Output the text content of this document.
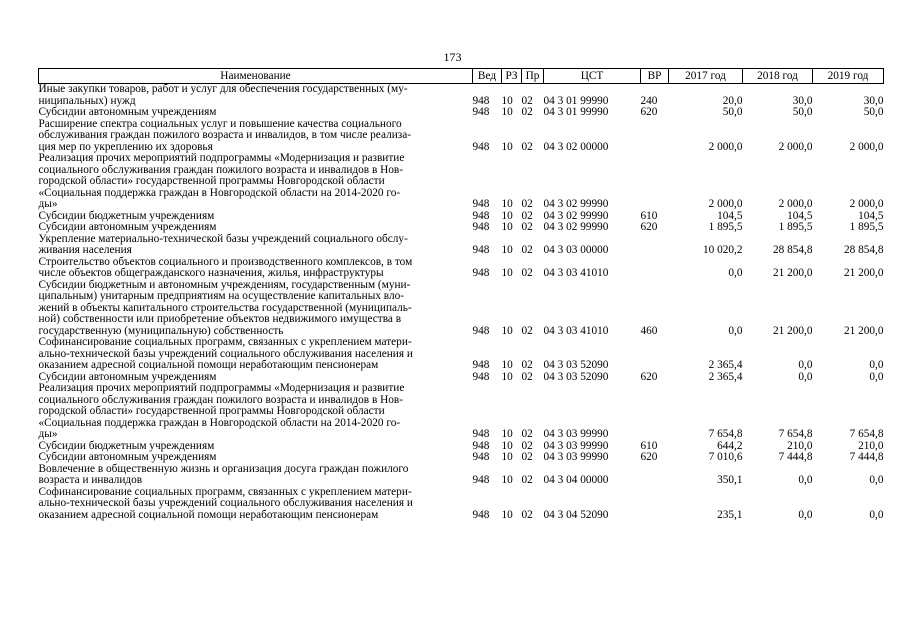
173
Наименование	Вед	РЗ	Пр	ЦСТ	ВР	2017 год	2018 год	2019 год
Иные закупки товаров, работ и услуг для обеспечения государственных (му-
ниципальных) нужд	948	10	02	04 3 01 99990	240	20,0	30,0	30,0
Субсидии автономным учреждениям	948	10	02	04 3 01 99990	620	50,0	50,0	50,0
Расширение спектра социальных услуг и повышение качества социального
обслуживания граждан пожилого возраста и инвалидов, в том числе реализа-
ция мер по укреплению их здоровья	948	10	02	04 3 02 00000		2 000,0	2 000,0	2 000,0
Реализация прочих мероприятий подпрограммы «Модернизация и развитие
социального обслуживания граждан пожилого возраста и инвалидов в Нов-
городской области» государственной программы Новгородской области
«Социальная поддержка граждан в Новгородской области на 2014-2020 го-
ды»	948	10	02	04 3 02 99990		2 000,0	2 000,0	2 000,0
Субсидии бюджетным учреждениям	948	10	02	04 3 02 99990	610	104,5	104,5	104,5
Субсидии автономным учреждениям	948	10	02	04 3 02 99990	620	1 895,5	1 895,5	1 895,5
Укрепление материально-технической базы учреждений социального обслу-
живания населения	948	10	02	04 3 03 00000		10 020,2	28 854,8	28 854,8
Строительство объектов социального и производственного комплексов, в том
числе объектов общегражданского назначения, жилья, инфраструктуры	948	10	02	04 3 03 41010		0,0	21 200,0	21 200,0
Субсидии бюджетным и автономным учреждениям, государственным (муни-
ципальным) унитарным предприятиям на осуществление капитальных вло-
жений в объекты капитального строительства государственной (муниципаль-
ной) собственности или приобретение объектов недвижимого имущества в
государственную (муниципальную) собственность	948	10	02	04 3 03 41010	460	0,0	21 200,0	21 200,0
Софинансирование социальных программ, связанных с укреплением матери-
ально-технической базы учреждений социального обслуживания населения и
оказанием адресной социальной помощи неработающим пенсионерам	948	10	02	04 3 03 52090		2 365,4	0,0	0,0
Субсидии автономным учреждениям	948	10	02	04 3 03 52090	620	2 365,4	0,0	0,0
Реализация прочих мероприятий подпрограммы «Модернизация и развитие
социального обслуживания граждан пожилого возраста и инвалидов в Нов-
городской области» государственной программы Новгородской области
«Социальная поддержка граждан в Новгородской области на 2014-2020 го-
ды»	948	10	02	04 3 03 99990		7 654,8	7 654,8	7 654,8
Субсидии бюджетным учреждениям	948	10	02	04 3 03 99990	610	644,2	210,0	210,0
Субсидии автономным учреждениям	948	10	02	04 3 03 99990	620	7 010,6	7 444,8	7 444,8
Вовлечение в общественную жизнь и организация досуга граждан пожилого
возраста и инвалидов	948	10	02	04 3 04 00000		350,1	0,0	0,0
Софинансирование социальных программ, связанных с укреплением матери-
ально-технической базы учреждений социального обслуживания населения и
оказанием адресной социальной помощи неработающим пенсионерам	948	10	02	04 3 04 52090		235,1	0,0	0,0
